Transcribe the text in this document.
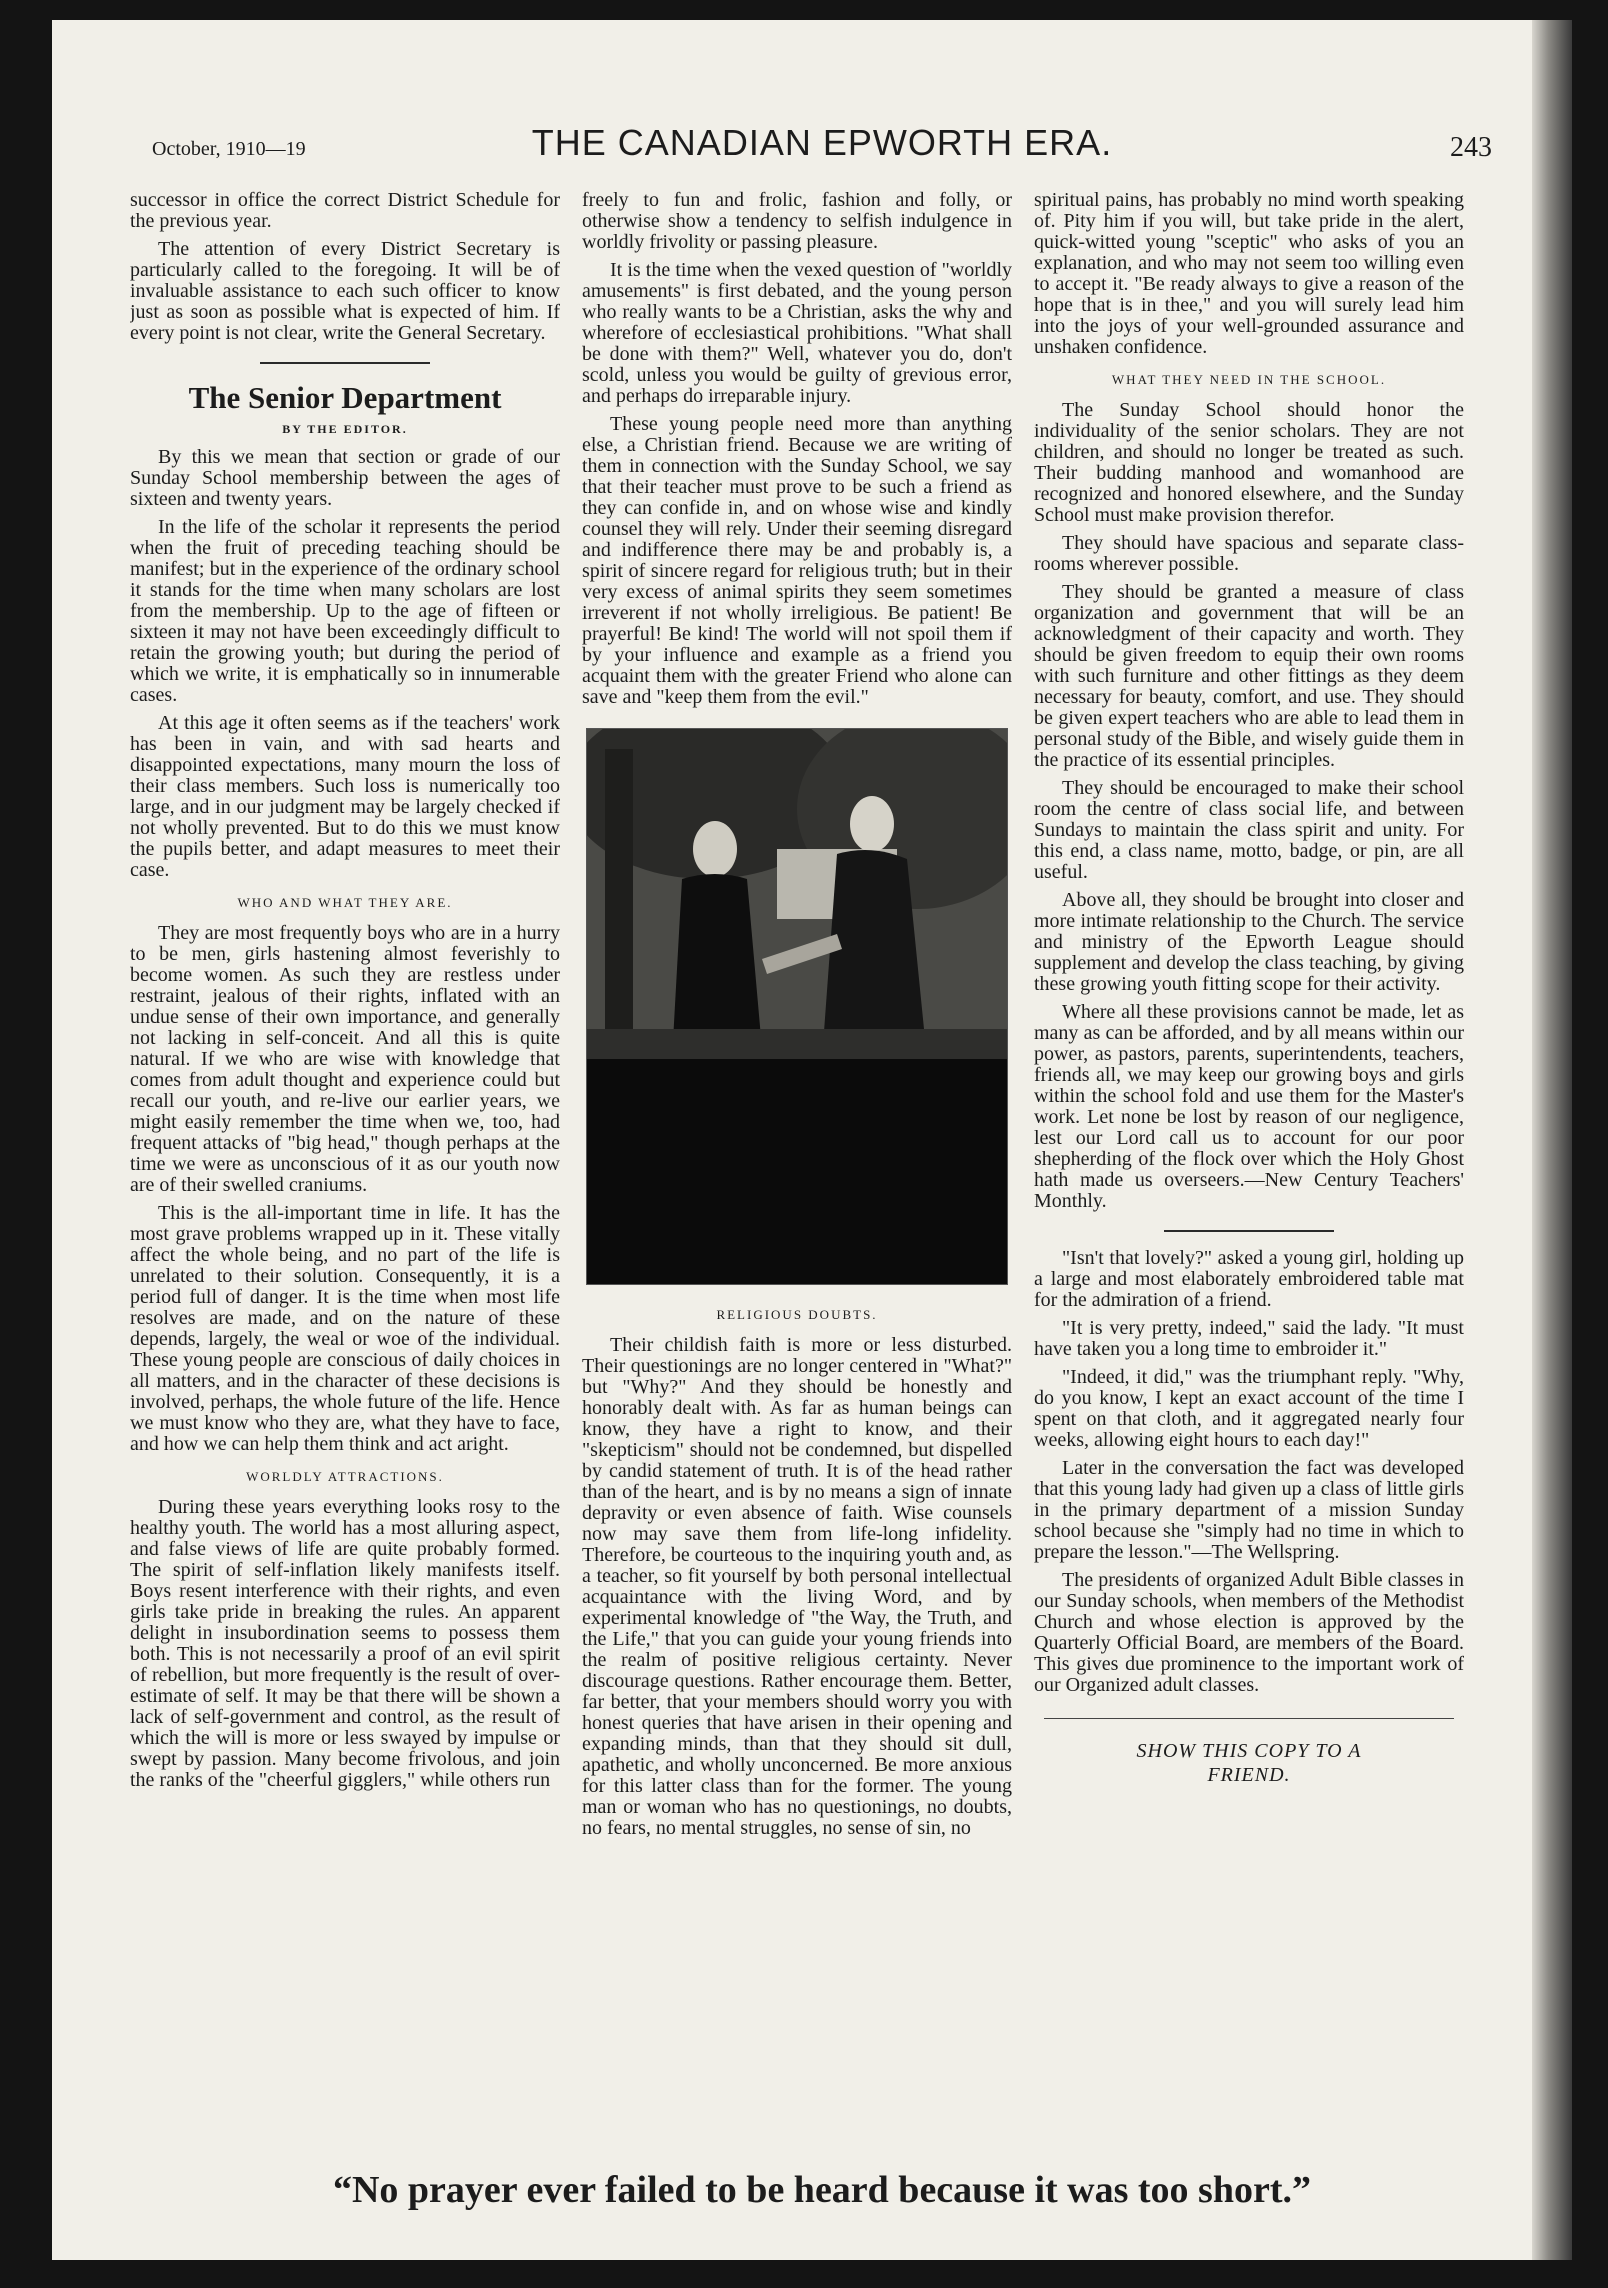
October, 1910—19	THE CANADIAN EPWORTH ERA.	243

successor in office the correct District Schedule for the previous year.

The attention of every District Secretary is particularly called to the foregoing. It will be of invaluable assistance to each such officer to know just as soon as possible what is expected of him. If every point is not clear, write the General Secretary.

The Senior Department
BY THE EDITOR.

By this we mean that section or grade of our Sunday School membership between the ages of sixteen and twenty years.

In the life of the scholar it represents the period when the fruit of preceding teaching should be manifest; but in the experience of the ordinary school it stands for the time when many scholars are lost from the membership. Up to the age of fifteen or sixteen it may not have been exceedingly difficult to retain the growing youth; but during the period of which we write, it is emphatically so in innumerable cases.

At this age it often seems as if the teachers' work has been in vain, and with sad hearts and disappointed expectations, many mourn the loss of their class members. Such loss is numerically too large, and in our judgment may be largely checked if not wholly prevented. But to do this we must know the pupils better, and adapt measures to meet their case.

WHO AND WHAT THEY ARE.

They are most frequently boys who are in a hurry to be men, girls hastening almost feverishly to become women. As such they are restless under restraint, jealous of their rights, inflated with an undue sense of their own importance, and generally not lacking in self-conceit. And all this is quite natural. If we who are wise with knowledge that comes from adult thought and experience could but recall our youth, and re-live our earlier years, we might easily remember the time when we, too, had frequent attacks of "big head," though perhaps at the time we were as unconscious of it as our youth now are of their swelled craniums.

This is the all-important time in life. It has the most grave problems wrapped up in it. These vitally affect the whole being, and no part of the life is unrelated to their solution. Consequently, it is a period full of danger. It is the time when most life resolves are made, and on the nature of these depends, largely, the weal or woe of the individual. These young people are conscious of daily choices in all matters, and in the character of these decisions is involved, perhaps, the whole future of the life. Hence we must know who they are, what they have to face, and how we can help them think and act aright.

WORLDLY ATTRACTIONS.

During these years everything looks rosy to the healthy youth. The world has a most alluring aspect, and false views of life are quite probably formed. The spirit of self-inflation likely manifests itself. Boys resent interference with their rights, and even girls take pride in breaking the rules. An apparent delight in insubordination seems to possess them both. This is not necessarily a proof of an evil spirit of rebellion, but more frequently is the result of over-estimate of self. It may be that there will be shown a lack of self-government and control, as the result of which the will is more or less swayed by impulse or swept by passion. Many become frivolous, and join the ranks of the "cheerful gigglers," while others run

freely to fun and frolic, fashion and folly, or otherwise show a tendency to selfish indulgence in worldly frivolity or passing pleasure.

It is the time when the vexed question of "worldly amusements" is first debated, and the young person who really wants to be a Christian, asks the why and wherefore of ecclesiastical prohibitions. "What shall be done with them?" Well, whatever you do, don't scold, unless you would be guilty of grevious error, and perhaps do irreparable injury.

These young people need more than anything else, a Christian friend. Because we are writing of them in connection with the Sunday School, we say that their teacher must prove to be such a friend as they can confide in, and on whose wise and kindly counsel they will rely. Under their seeming disregard and indifference there may be and probably is, a spirit of sincere regard for religious truth; but in their very excess of animal spirits they seem sometimes irreverent if not wholly irreligious. Be patient! Be prayerful! Be kind! The world will not spoil them if by your influence and example as a friend you acquaint them with the greater Friend who alone can save and "keep them from the evil."

RELIGIOUS DOUBTS.

Their childish faith is more or less disturbed. Their questionings are no longer centered in "What?" but "Why?" And they should be honestly and honorably dealt with. As far as human beings can know, they have a right to know, and their "skepticism" should not be condemned, but dispelled by candid statement of truth. It is of the head rather than of the heart, and is by no means a sign of innate depravity or even absence of faith. Wise counsels now may save them from life-long infidelity. Therefore, be courteous to the inquiring youth and, as a teacher, so fit yourself by both personal intellectual acquaintance with the living Word, and by experimental knowledge of "the Way, the Truth, and the Life," that you can guide your young friends into the realm of positive religious certainty. Never discourage questions. Rather encourage them. Better, far better, that your members should worry you with honest queries that have arisen in their opening and expanding minds, than that they should sit dull, apathetic, and wholly unconcerned. Be more anxious for this latter class than for the former. The young man or woman who has no questionings, no doubts, no fears, no mental struggles, no sense of sin, no

spiritual pains, has probably no mind worth speaking of. Pity him if you will, but take pride in the alert, quick-witted young "sceptic" who asks of you an explanation, and who may not seem too willing even to accept it. "Be ready always to give a reason of the hope that is in thee," and you will surely lead him into the joys of your well-grounded assurance and unshaken confidence.

WHAT THEY NEED IN THE SCHOOL.

The Sunday School should honor the individuality of the senior scholars. They are not children, and should no longer be treated as such. Their budding manhood and womanhood are recognized and honored elsewhere, and the Sunday School must make provision therefor.

They should have spacious and separate class-rooms wherever possible.

They should be granted a measure of class organization and government that will be an acknowledgment of their capacity and worth. They should be given freedom to equip their own rooms with such furniture and other fittings as they deem necessary for beauty, comfort, and use. They should be given expert teachers who are able to lead them in personal study of the Bible, and wisely guide them in the practice of its essential principles.

They should be encouraged to make their school room the centre of class social life, and between Sundays to maintain the class spirit and unity. For this end, a class name, motto, badge, or pin, are all useful.

Above all, they should be brought into closer and more intimate relationship to the Church. The service and ministry of the Epworth League should supplement and develop the class teaching, by giving these growing youth fitting scope for their activity.

Where all these provisions cannot be made, let as many as can be afforded, and by all means within our power, as pastors, parents, superintendents, teachers, friends all, we may keep our growing boys and girls within the school fold and use them for the Master's work. Let none be lost by reason of our negligence, lest our Lord call us to account for our poor shepherding of the flock over which the Holy Ghost hath made us overseers.—New Century Teachers' Monthly.

"Isn't that lovely?" asked a young girl, holding up a large and most elaborately embroidered table mat for the admiration of a friend.

"It is very pretty, indeed," said the lady. "It must have taken you a long time to embroider it."

"Indeed, it did," was the triumphant reply. "Why, do you know, I kept an exact account of the time I spent on that cloth, and it aggregated nearly four weeks, allowing eight hours to each day!"

Later in the conversation the fact was developed that this young lady had given up a class of little girls in the primary department of a mission Sunday school because she "simply had no time in which to prepare the lesson."—The Wellspring.

The presidents of organized Adult Bible classes in our Sunday schools, when members of the Methodist Church and whose election is approved by the Quarterly Official Board, are members of the Board. This gives due prominence to the important work of our Organized adult classes.

SHOW THIS COPY TO A
FRIEND.
“No prayer ever failed to be heard because it was too short.”
